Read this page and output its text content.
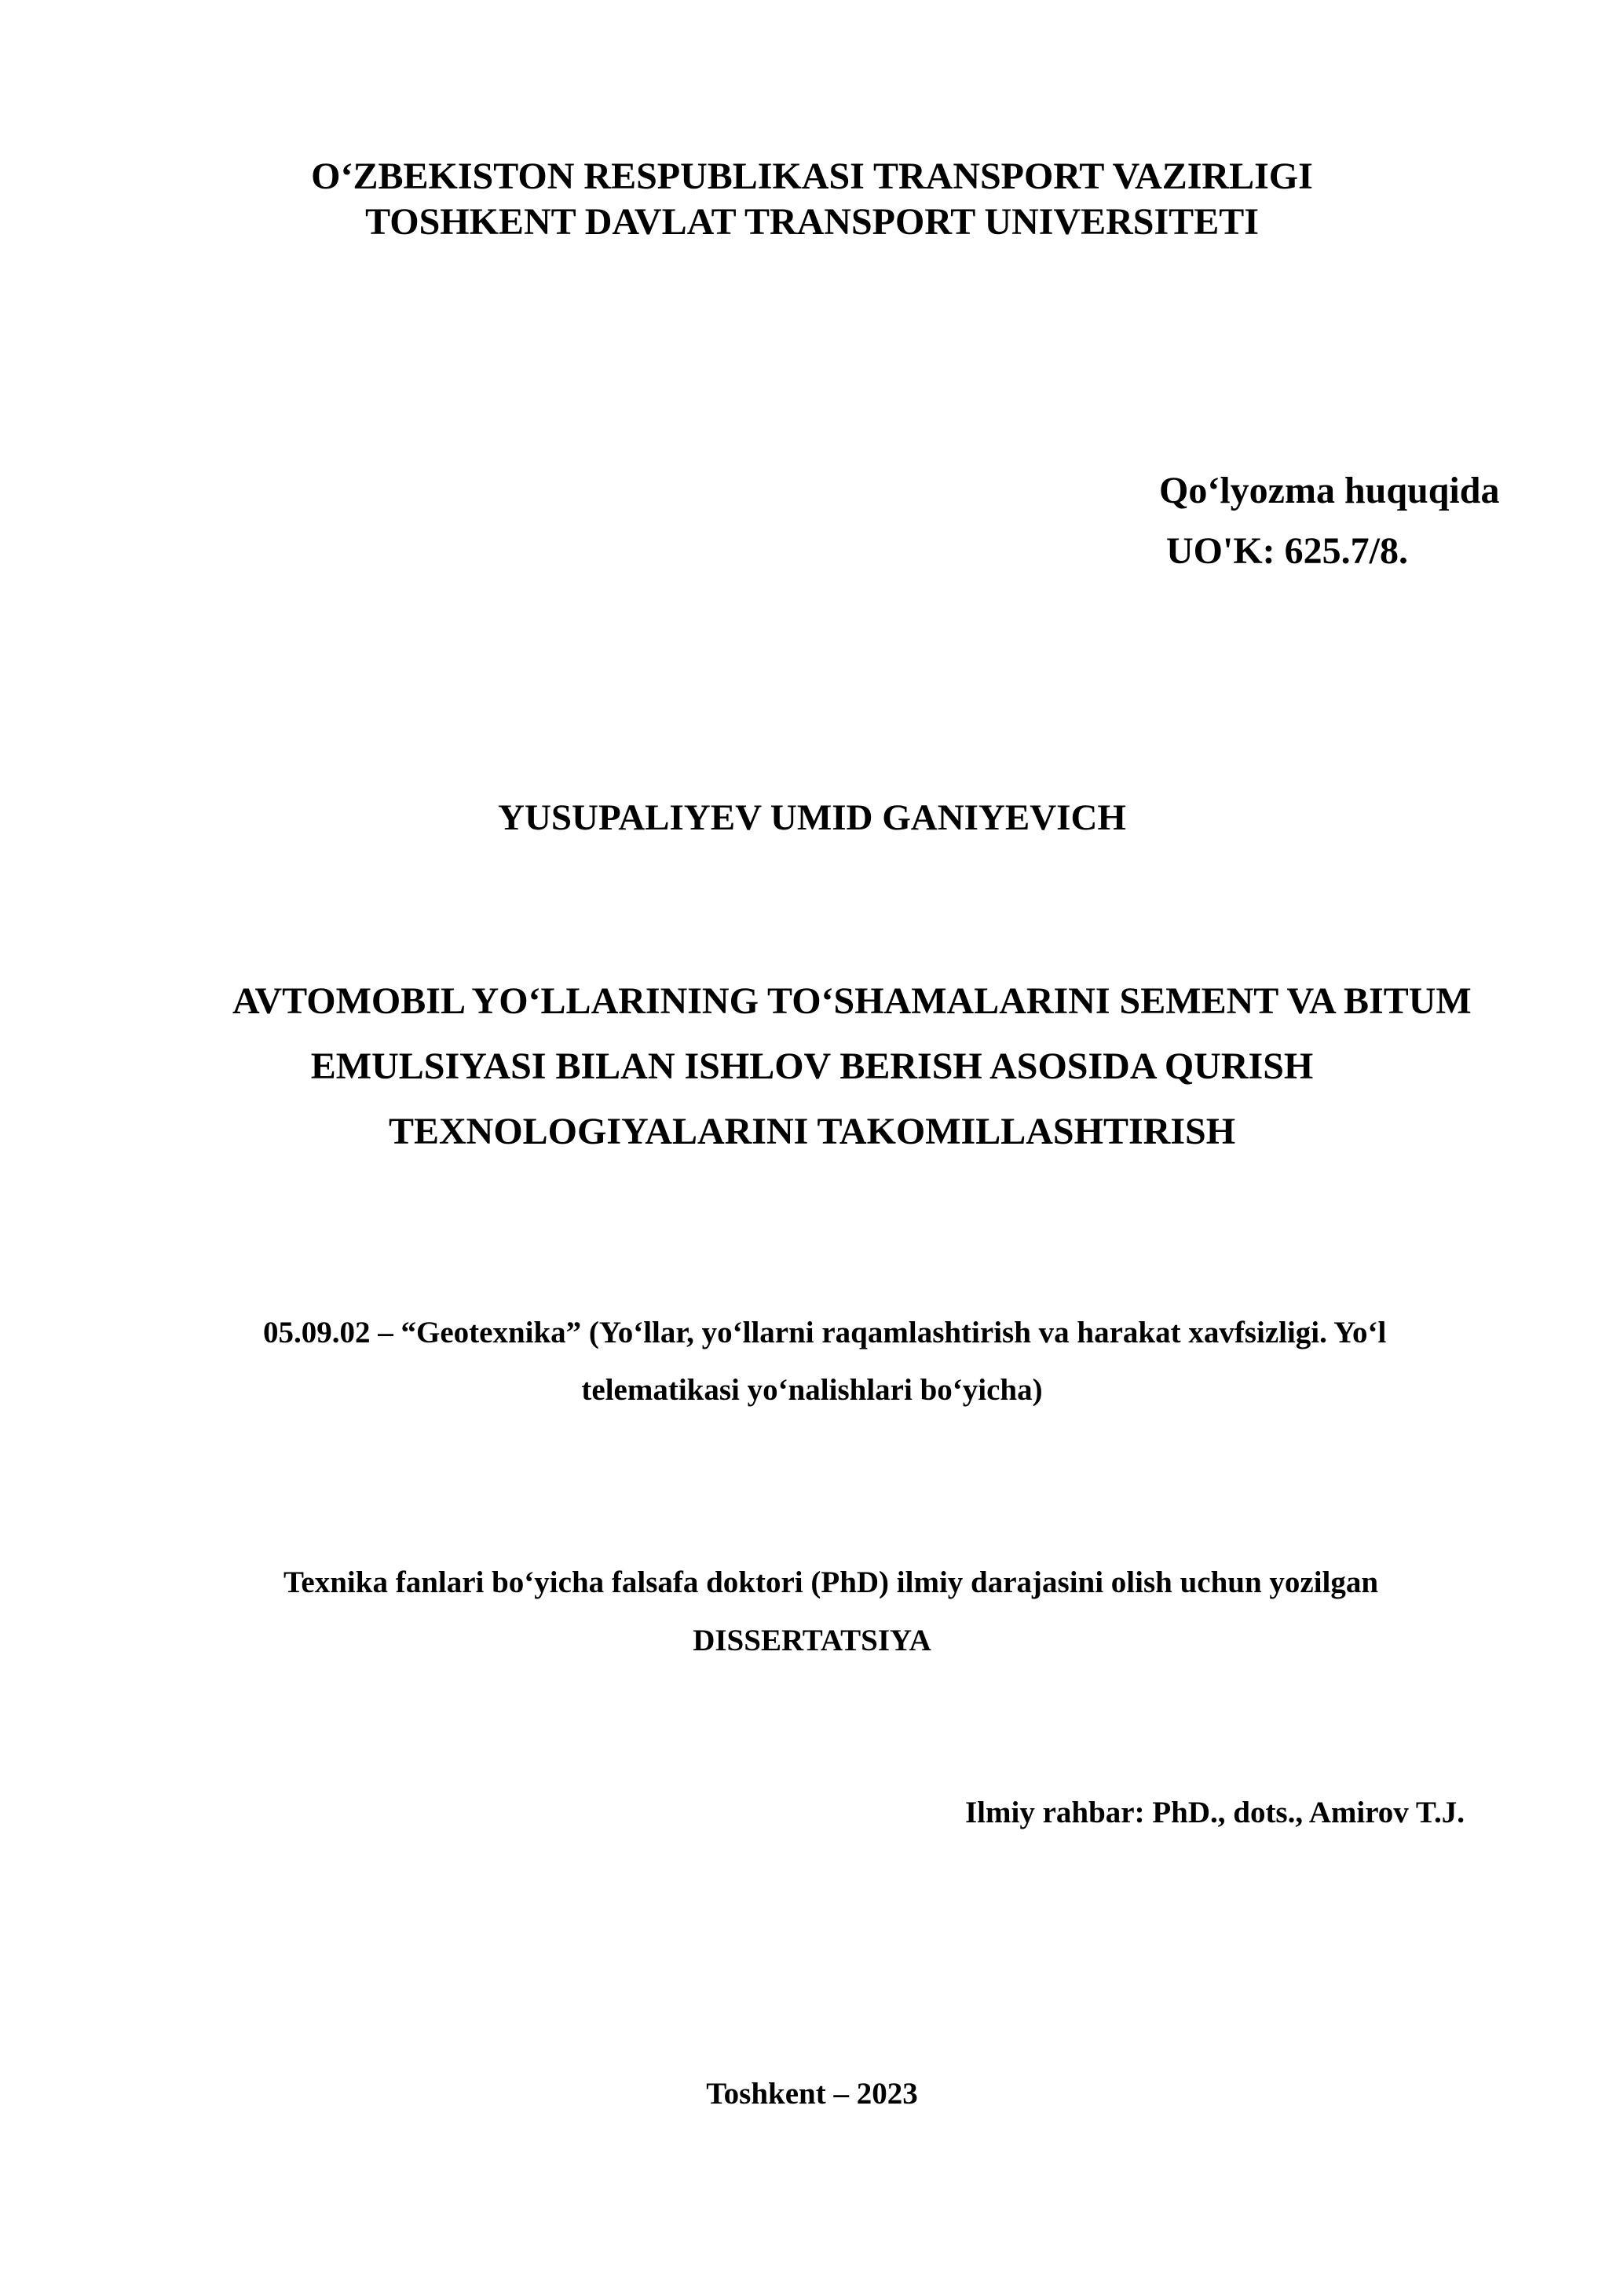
O‘ZBEKISTON RESPUBLIKASI TRANSPORT VAZIRLIGI
TOSHKENT DAVLAT TRANSPORT UNIVERSITETI
Qo‘lyozma huquqida
UO'K: 625.7/8.
YUSUPALIYEV UMID GANIYEVICH
AVTOMOBIL YO‘LLARINING TO‘SHAMALARINI SEMENT VA BITUM
EMULSIYASI BILAN ISHLOV BERISH ASOSIDA QURISH
TEXNOLOGIYALARINI TAKOMILLASHTIRISH
05.09.02 – “Geotexnika” (Yo‘llar, yo‘llarni raqamlashtirish va harakat xavfsizligi. Yo‘l
telematikasi yo‘nalishlari bo‘yicha)
Texnika fanlari bo‘yicha falsafa doktori (PhD) ilmiy darajasini olish uchun yozilgan
DISSERTATSIYA
Ilmiy rahbar: PhD., dots., Amirov T.J.
Toshkent – 2023
